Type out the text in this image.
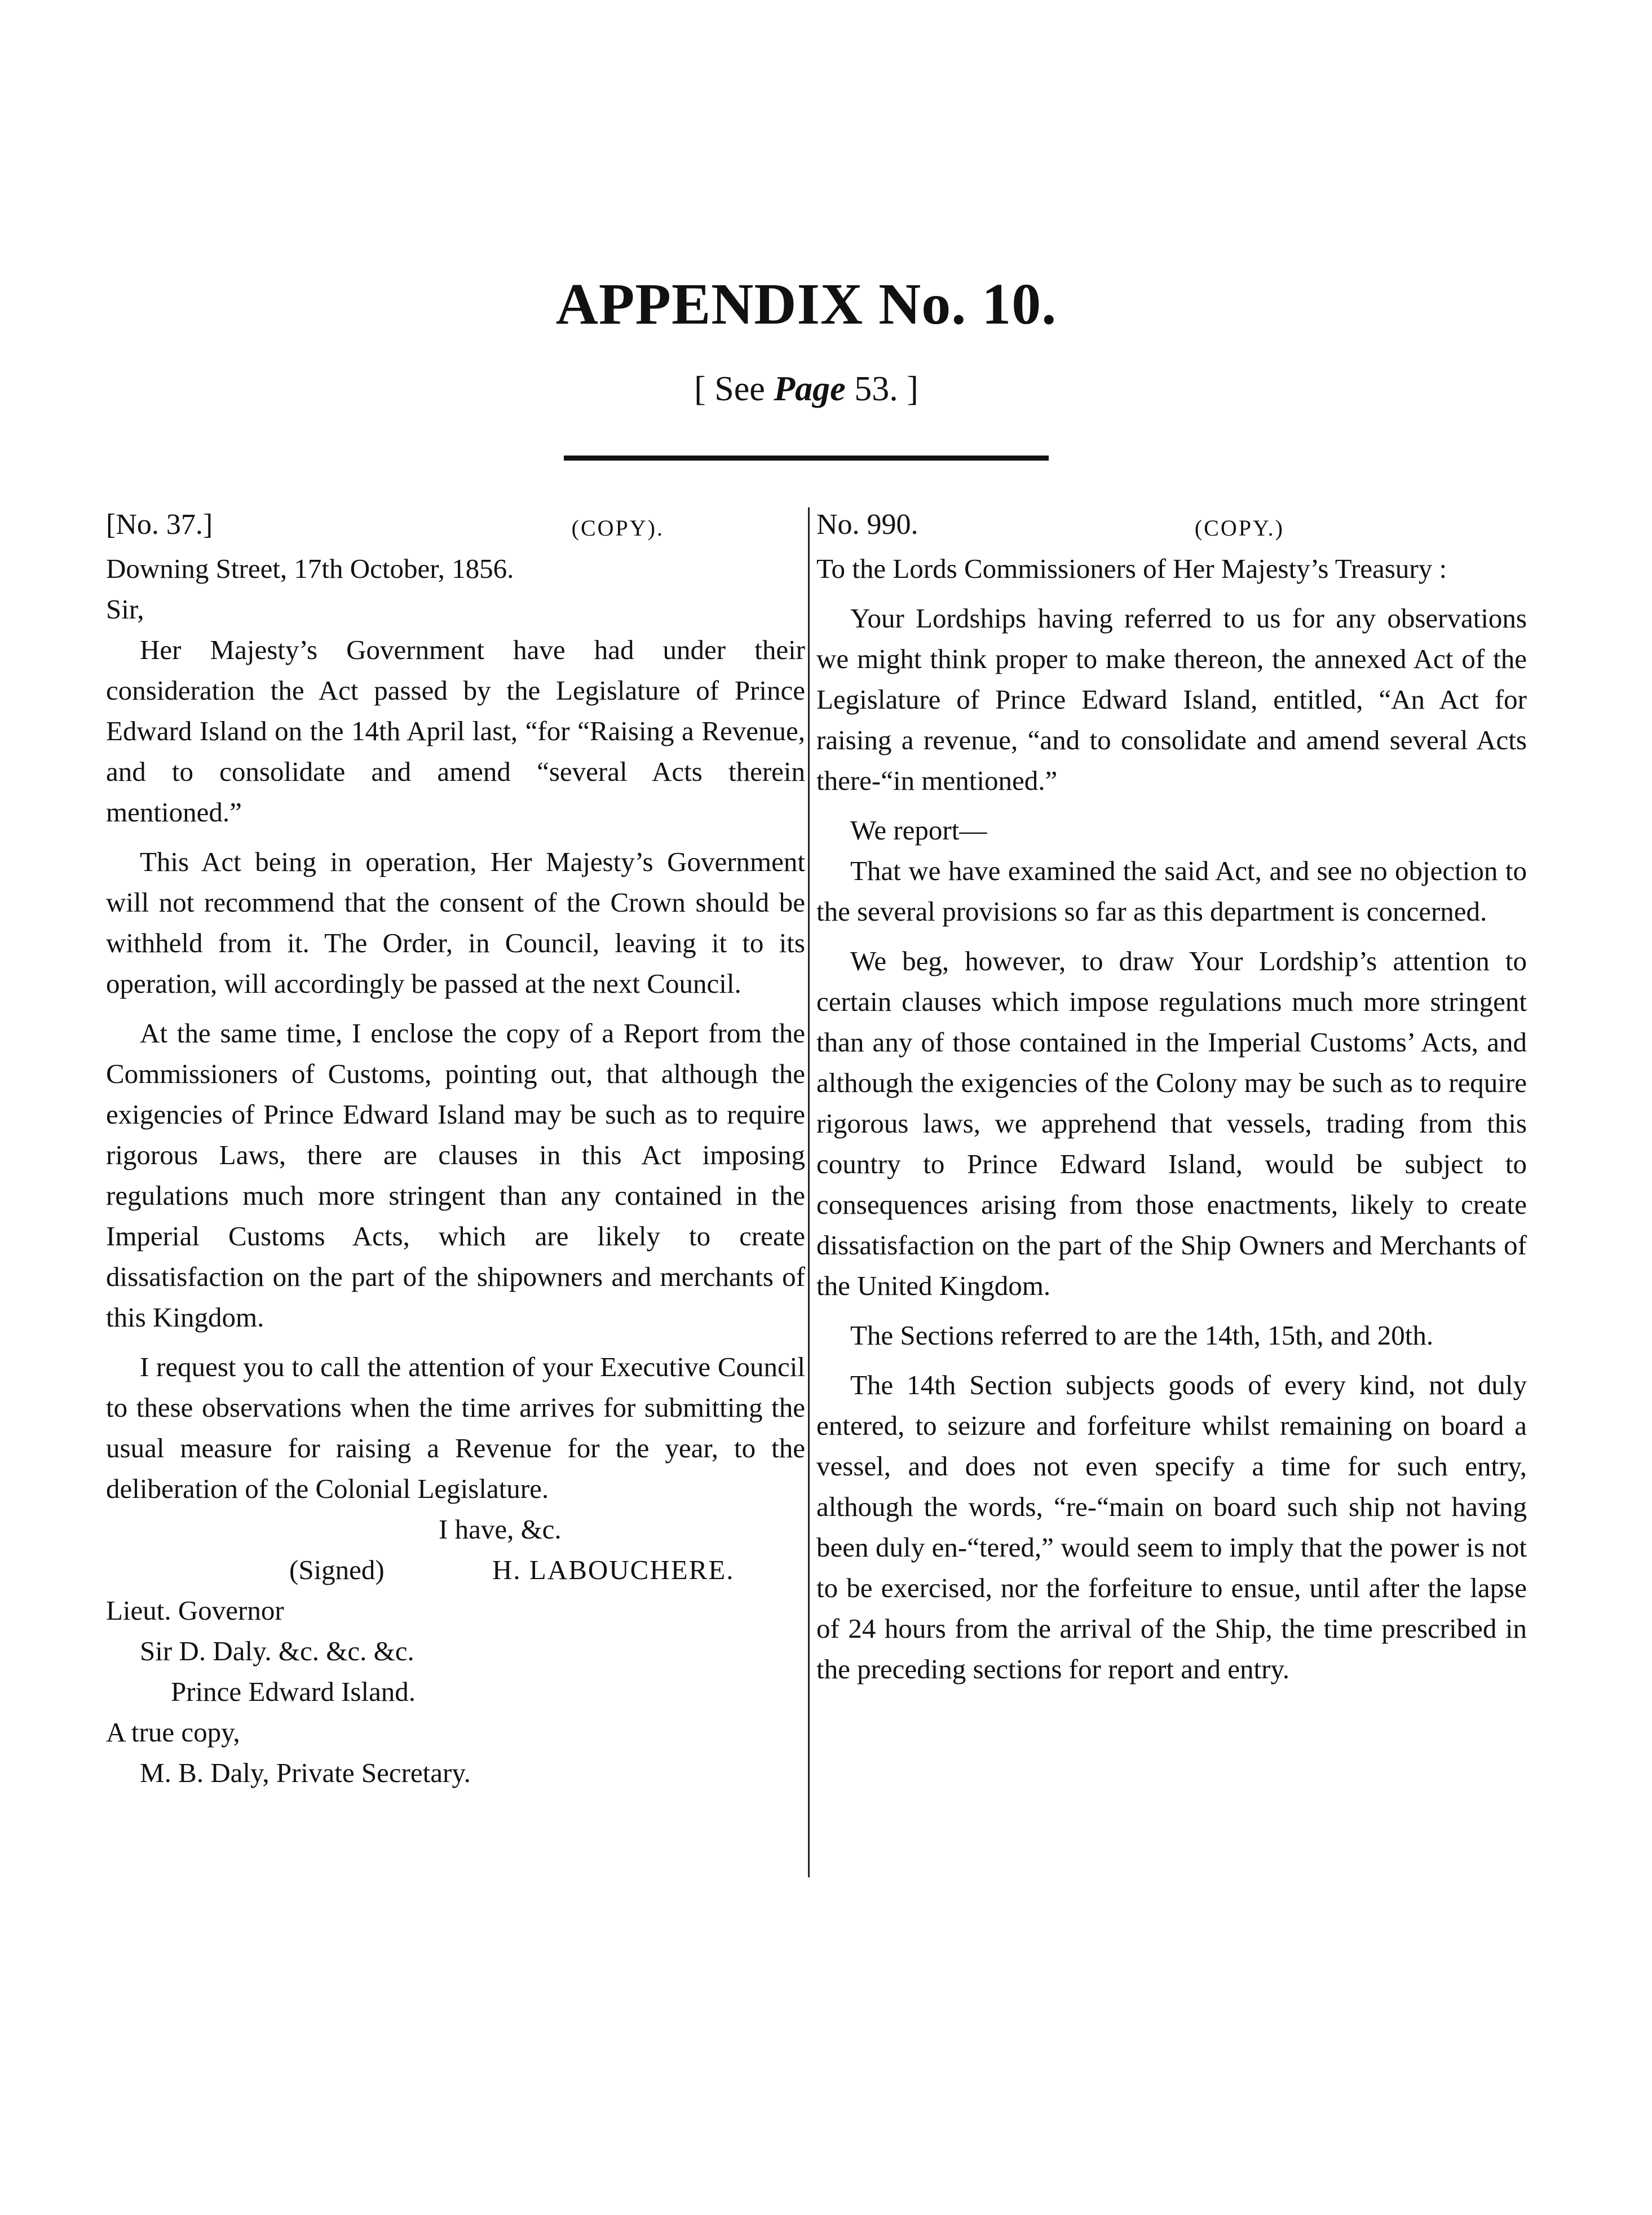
APPENDIX No. 10.
[ See Page 53. ]
[No. 37.]	(COPY).

Downing Street, 17th October, 1856.

Sir,

Her Majesty’s Government have had under their consideration the Act passed by the Legislature of Prince Edward Island on the 14th April last, “for “Raising a Revenue, and to consolidate and amend “several Acts therein mentioned.”

This Act being in operation, Her Majesty’s Government will not recommend that the consent of the Crown should be withheld from it. The Order, in Council, leaving it to its operation, will accordingly be passed at the next Council.

At the same time, I enclose the copy of a Report from the Commissioners of Customs, pointing out, that although the exigencies of Prince Edward Island may be such as to require rigorous Laws, there are clauses in this Act imposing regulations much more stringent than any contained in the Imperial Customs Acts, which are likely to create dissatisfaction on the part of the shipowners and merchants of this Kingdom.

I request you to call the attention of your Executive Council to these observations when the time arrives for submitting the usual measure for raising a Revenue for the year, to the deliberation of the Colonial Legislature.

I have, &c.

(Signed)	H. LABOUCHERE.

Lieut. Governor

Sir D. Daly. &c. &c. &c.

Prince Edward Island.

A true copy,

M. B. Daly, Private Secretary.

No. 990.	(COPY.)

To the Lords Commissioners of Her Majesty’s Treasury :

Your Lordships having referred to us for any observations we might think proper to make thereon, the annexed Act of the Legislature of Prince Edward Island, entitled, “An Act for raising a revenue, “and to consolidate and amend several Acts there-“in mentioned.”

We report—

That we have examined the said Act, and see no objection to the several provisions so far as this department is concerned.

We beg, however, to draw Your Lordship’s attention to certain clauses which impose regulations much more stringent than any of those contained in the Imperial Customs’ Acts, and although the exigencies of the Colony may be such as to require rigorous laws, we apprehend that vessels, trading from this country to Prince Edward Island, would be subject to consequences arising from those enactments, likely to create dissatisfaction on the part of the Ship Owners and Merchants of the United Kingdom.

The Sections referred to are the 14th, 15th, and 20th.

The 14th Section subjects goods of every kind, not duly entered, to seizure and forfeiture whilst remaining on board a vessel, and does not even specify a time for such entry, although the words, “re-“main on board such ship not having been duly en-“tered,” would seem to imply that the power is not to be exercised, nor the forfeiture to ensue, until after the lapse of 24 hours from the arrival of the Ship, the time prescribed in the preceding sections for report and entry.
